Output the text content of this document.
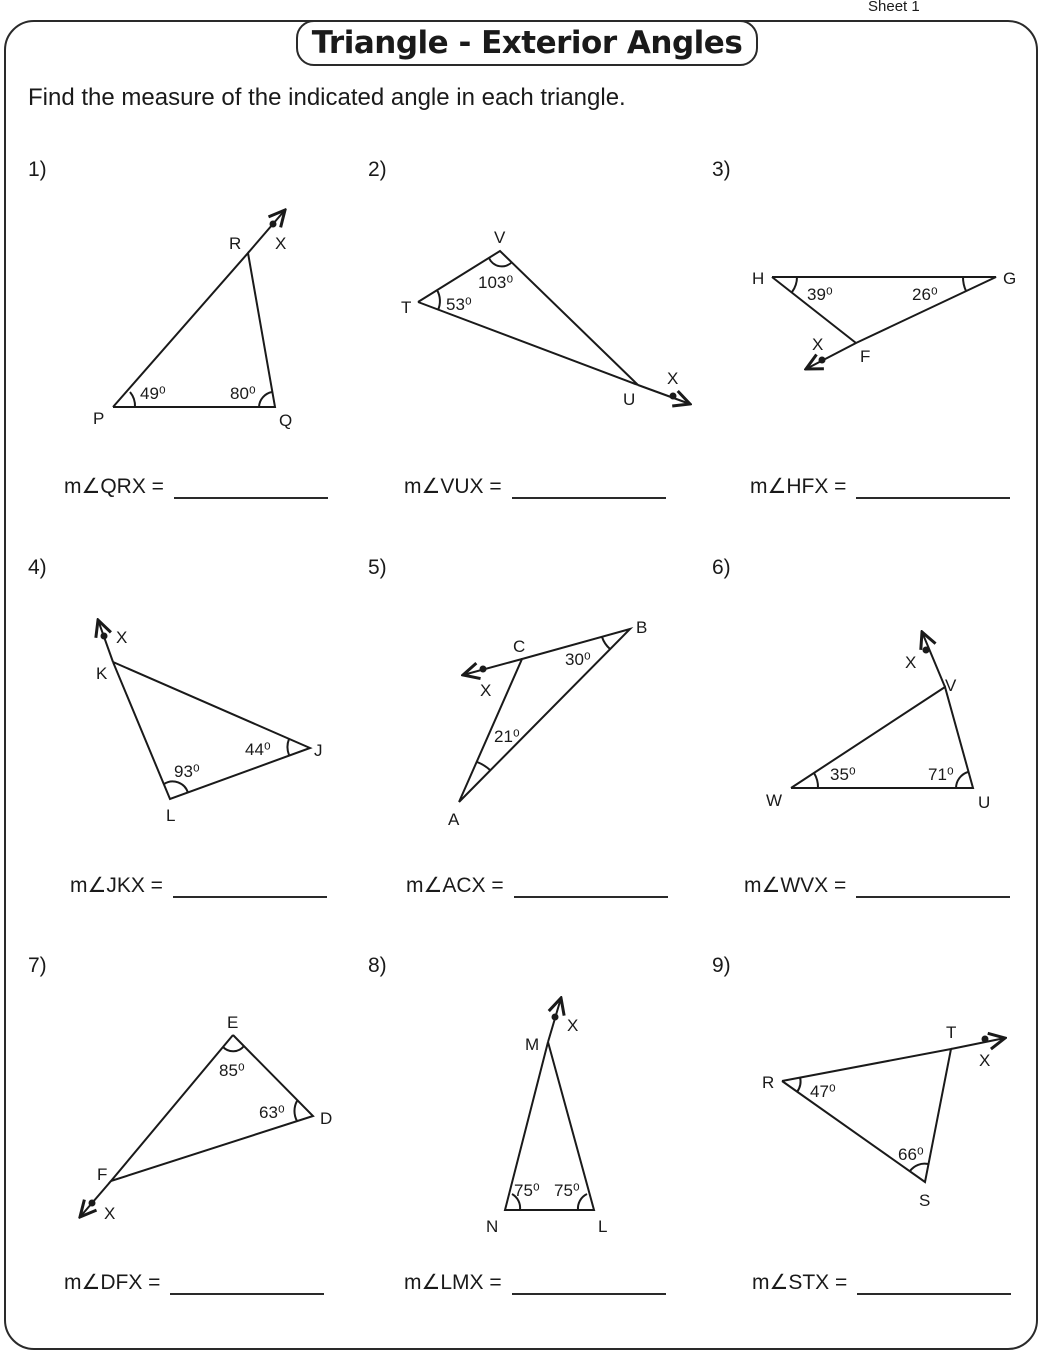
Triangle - Exterior Angles
Sheet 1
Find the measure of the indicated angle in each triangle.
1)	2)	3)
4)	5)	6)
7)	8)	9)
P	Q
R X
49⁰	80⁰
V
T
U
X
53⁰
103⁰	H	G
F
X
39⁰	26⁰
K
J
L
X
44⁰
93⁰
A
B
C
X
30⁰
21⁰
W	U
V
X
35⁰	71⁰
E
D
F
X
85⁰
63⁰
M
N	L
X
75⁰ 75⁰
R
T
S
X
47⁰
66⁰
m∠QRX =	m∠VUX =	m∠HFX =
m∠JKX =	m∠ACX =	m∠WVX =
m∠DFX =	m∠LMX =	m∠STX =
